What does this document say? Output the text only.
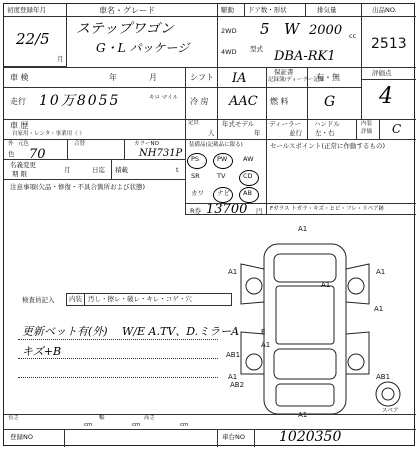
初度登録年月
22/5
月
車名・グレード
ステップワゴン
G・L パッケージ
駆動 ドア数・形状	排気量
2WD
4WD
5 W 2000 cc
型式 DBA-RK1
出品NO.
2513
車 検	年	月	シフト IA	保証書
記録簿/ディーラー記録
有・無	評価点
4
走行 10万8055	キロ マイル 冷 房 AAC 燃 料	G
車 歴
自家用・レンタ・事業用（ ）
定員
人
年式モデル
年
ディーラー
並行
ハンドル
左・右
内装
評価 C
外 元色
色 70
合替	カラーNO
NH731P
名義変更
期 限	月	日迄 積載	t
注意事項(欠品・修復・不具合箇所および状態)
装備品(記載品に限る)
PS	PW AW
SR	TV	CD
カワ ナビ AB
R券 13700 円
セールスポイント(正常に作動するもの)
Fガラス トガラ・キズ・ヒビ・フレ・リペア跡
検査員記入 内装 汚し・擦レ・破レ・キレ・コゲ・穴
更新ベット有(外) W/E A.TV、D.ミラーA
キズ+B
A1
A1	A1
A1
A1	AB1
E
A1
AB1
A1
AB2
A1
スペア
長さ
cm
幅
cm
高さ
cm
登録NO	車台NO 1020350
